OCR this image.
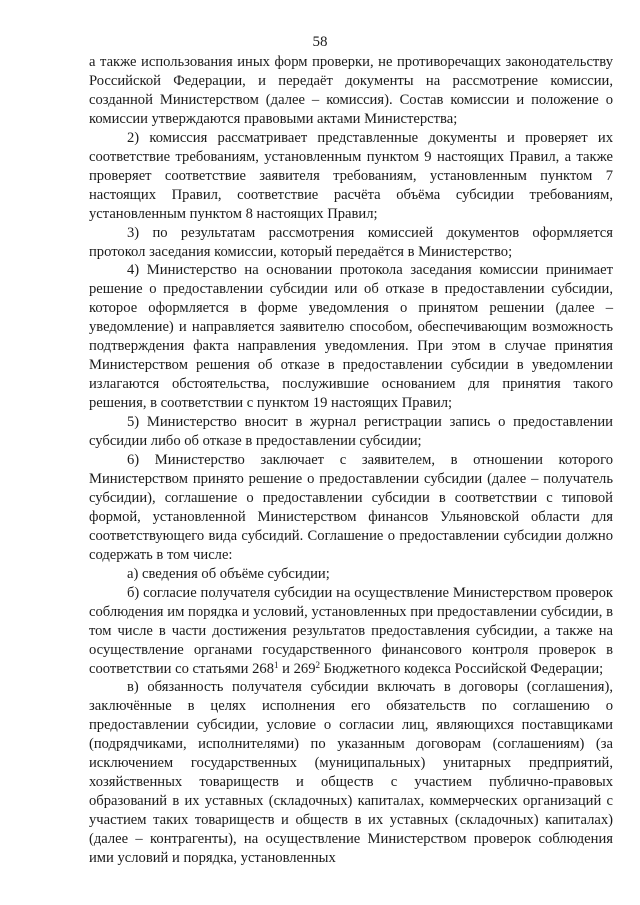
58

а также использования иных форм проверки, не противоречащих законодательству Российской Федерации, и передаёт документы на рассмотрение комиссии, созданной Министерством (далее – комиссия). Состав комиссии и положение о комиссии утверждаются правовыми актами Министерства;

2) комиссия рассматривает представленные документы и проверяет их соответствие требованиям, установленным пунктом 9 настоящих Правил, а также проверяет соответствие заявителя требованиям, установленным пунктом 7 настоящих Правил, соответствие расчёта объёма субсидии требованиям, установленным пунктом 8 настоящих Правил;

3) по результатам рассмотрения комиссией документов оформляется протокол заседания комиссии, который передаётся в Министерство;

4) Министерство на основании протокола заседания комиссии принимает решение о предоставлении субсидии или об отказе в предоставлении субсидии, которое оформляется в форме уведомления о принятом решении (далее – уведомление) и направляется заявителю способом, обеспечивающим возможность подтверждения факта направления уведомления. При этом в случае принятия Министерством решения об отказе в предоставлении субсидии в уведомлении излагаются обстоятельства, послужившие основанием для принятия такого решения, в соответствии с пунктом 19 настоящих Правил;

5) Министерство вносит в журнал регистрации запись о предоставлении субсидии либо об отказе в предоставлении субсидии;

6) Министерство заключает с заявителем, в отношении которого Министерством принято решение о предоставлении субсидии (далее – получатель субсидии), соглашение о предоставлении субсидии в соответствии с типовой формой, установленной Министерством финансов Ульяновской области для соответствующего вида субсидий. Соглашение о предоставлении субсидии должно содержать в том числе:

а) сведения об объёме субсидии;

б) согласие получателя субсидии на осуществление Министерством проверок соблюдения им порядка и условий, установленных при предоставлении субсидии, в том числе в части достижения результатов предоставления субсидии, а также на осуществление органами государственного финансового контроля проверок в соответствии со статьями $268^1$ и $269^2$ Бюджетного кодекса Российской Федерации;

в) обязанность получателя субсидии включать в договоры (соглашения), заключённые в целях исполнения его обязательств по соглашению о предоставлении субсидии, условие о согласии лиц, являющихся поставщиками (подрядчиками, исполнителями) по указанным договорам (соглашениям) (за исключением государственных (муниципальных) унитарных предприятий, хозяйственных товариществ и обществ с участием публично-правовых образований в их уставных (складочных) капиталах, коммерческих организаций с участием таких товариществ и обществ в их уставных (складочных) капиталах) (далее – контрагенты), на осуществление Министерством проверок соблюдения ими условий и порядка, установленных
